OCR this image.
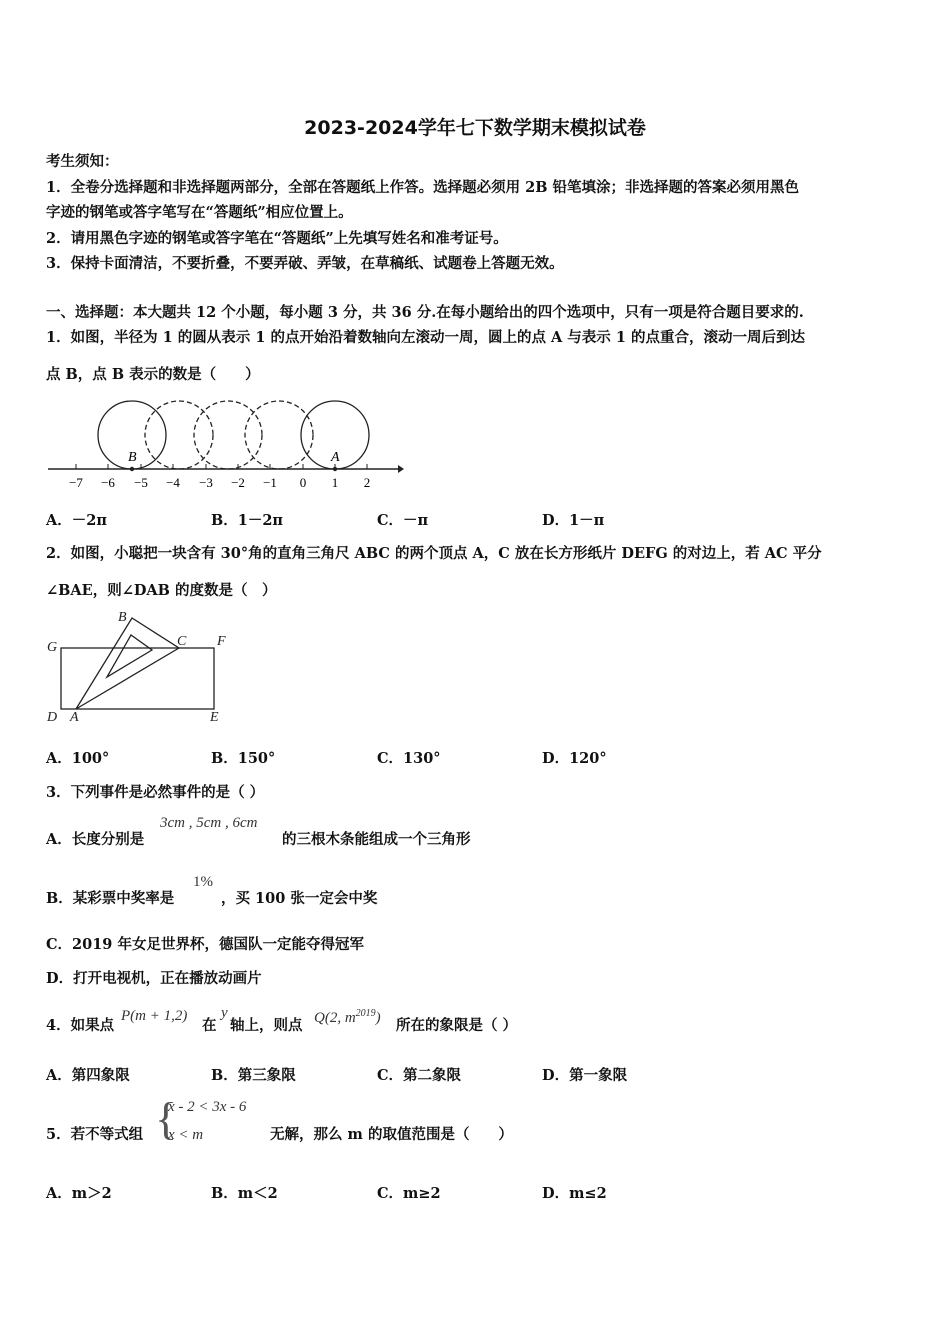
2023-2024学年七下数学期末模拟试卷
考生须知：
1．全卷分选择题和非选择题两部分，全部在答题纸上作答。选择题必须用 2B 铅笔填涂；非选择题的答案必须用黑色
字迹的钢笔或答字笔写在“答题纸”相应位置上。
2．请用黑色字迹的钢笔或答字笔在“答题纸”上先填写姓名和准考证号。
3．保持卡面清洁，不要折叠，不要弄破、弄皱，在草稿纸、试题卷上答题无效。
一、选择题：本大题共 12 个小题，每小题 3 分，共 36 分.在每小题给出的四个选项中，只有一项是符合题目要求的.
1．如图，半径为 1 的圆从表示 1 的点开始沿着数轴向左滚动一周，圆上的点 A 与表示 1 的点重合，滚动一周后到达
点 B，点 B 表示的数是（　　）
B	A
−7 −6 −5 −4 −3 −2 −1 0 1 2
A．－2π	B．1－2π	C．－π	D．1－π
2．如图，小聪把一块含有 30°角的直角三角尺 ABC 的两个顶点 A，C 放在长方形纸片 DEFG 的对边上，若 AC 平分
∠BAE，则∠DAB 的度数是（　）
G
B
C F
D A	E
A．100°	B．150°	C．130°	D．120°
3．下列事件是必然事件的是（ ）
A．长度分别是
3cm , 5cm , 6cm
的三根木条能组成一个三角形
B．某彩票中奖率是
1%
，买 100 张一定会中奖
C．2019 年女足世界杯，德国队一定能夺得冠军
D．打开电视机，正在播放动画片
4．如果点
P(m + 1,2)
在
y
轴上，则点 Q(2, $m^{2019}$) 所在的象限是（ ）
A．第四象限	B．第三象限	C．第二象限	D．第一象限
5．若不等式组 {
x - 2 < 3x - 6
x < m	无解，那么 m 的取值范围是（　　）
A．m＞2	B．m＜2	C．m≥2	D．m≤2
